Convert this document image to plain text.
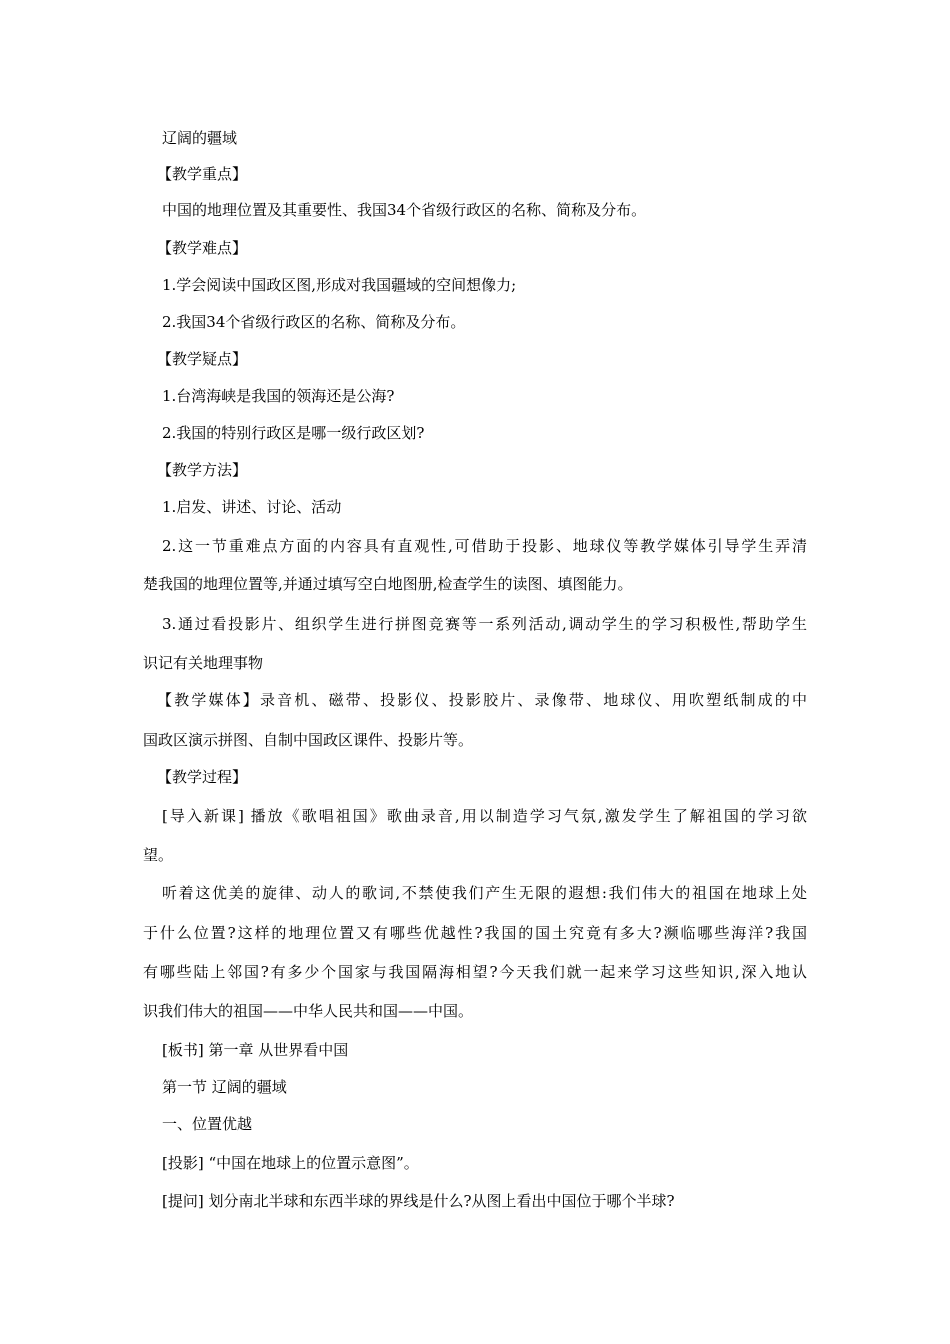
辽阔的疆域
【教学重点】
中国的地理位置及其重要性、我国34个省级行政区的名称、简称及分布。
【教学难点】
1.学会阅读中国政区图,形成对我国疆域的空间想像力;
2.我国34个省级行政区的名称、简称及分布。
【教学疑点】
1.台湾海峡是我国的领海还是公海?
2.我国的特别行政区是哪一级行政区划?
【教学方法】
1.启发、讲述、讨论、活动
2.这一节重难点方面的内容具有直观性,可借助于投影、地球仪等教学媒体引导学生弄清
楚我国的地理位置等,并通过填写空白地图册,检查学生的读图、填图能力。
3.通过看投影片、组织学生进行拼图竞赛等一系列活动,调动学生的学习积极性,帮助学生
识记有关地理事物
【教学媒体】录音机、磁带、投影仪、投影胶片、录像带、地球仪、用吹塑纸制成的中
国政区演示拼图、自制中国政区课件、投影片等。
【教学过程】
[导入新课] 播放《歌唱祖国》歌曲录音,用以制造学习气氛,激发学生了解祖国的学习欲
望。
听着这优美的旋律、动人的歌词,不禁使我们产生无限的遐想:我们伟大的祖国在地球上处
于什么位置?这样的地理位置又有哪些优越性?我国的国土究竟有多大?濒临哪些海洋?我国
有哪些陆上邻国?有多少个国家与我国隔海相望?今天我们就一起来学习这些知识,深入地认
识我们伟大的祖国——中华人民共和国——中国。
[板书] 第一章 从世界看中国
第一节 辽阔的疆域
一、位置优越
[投影] “中国在地球上的位置示意图”。
[提问] 划分南北半球和东西半球的界线是什么?从图上看出中国位于哪个半球?
